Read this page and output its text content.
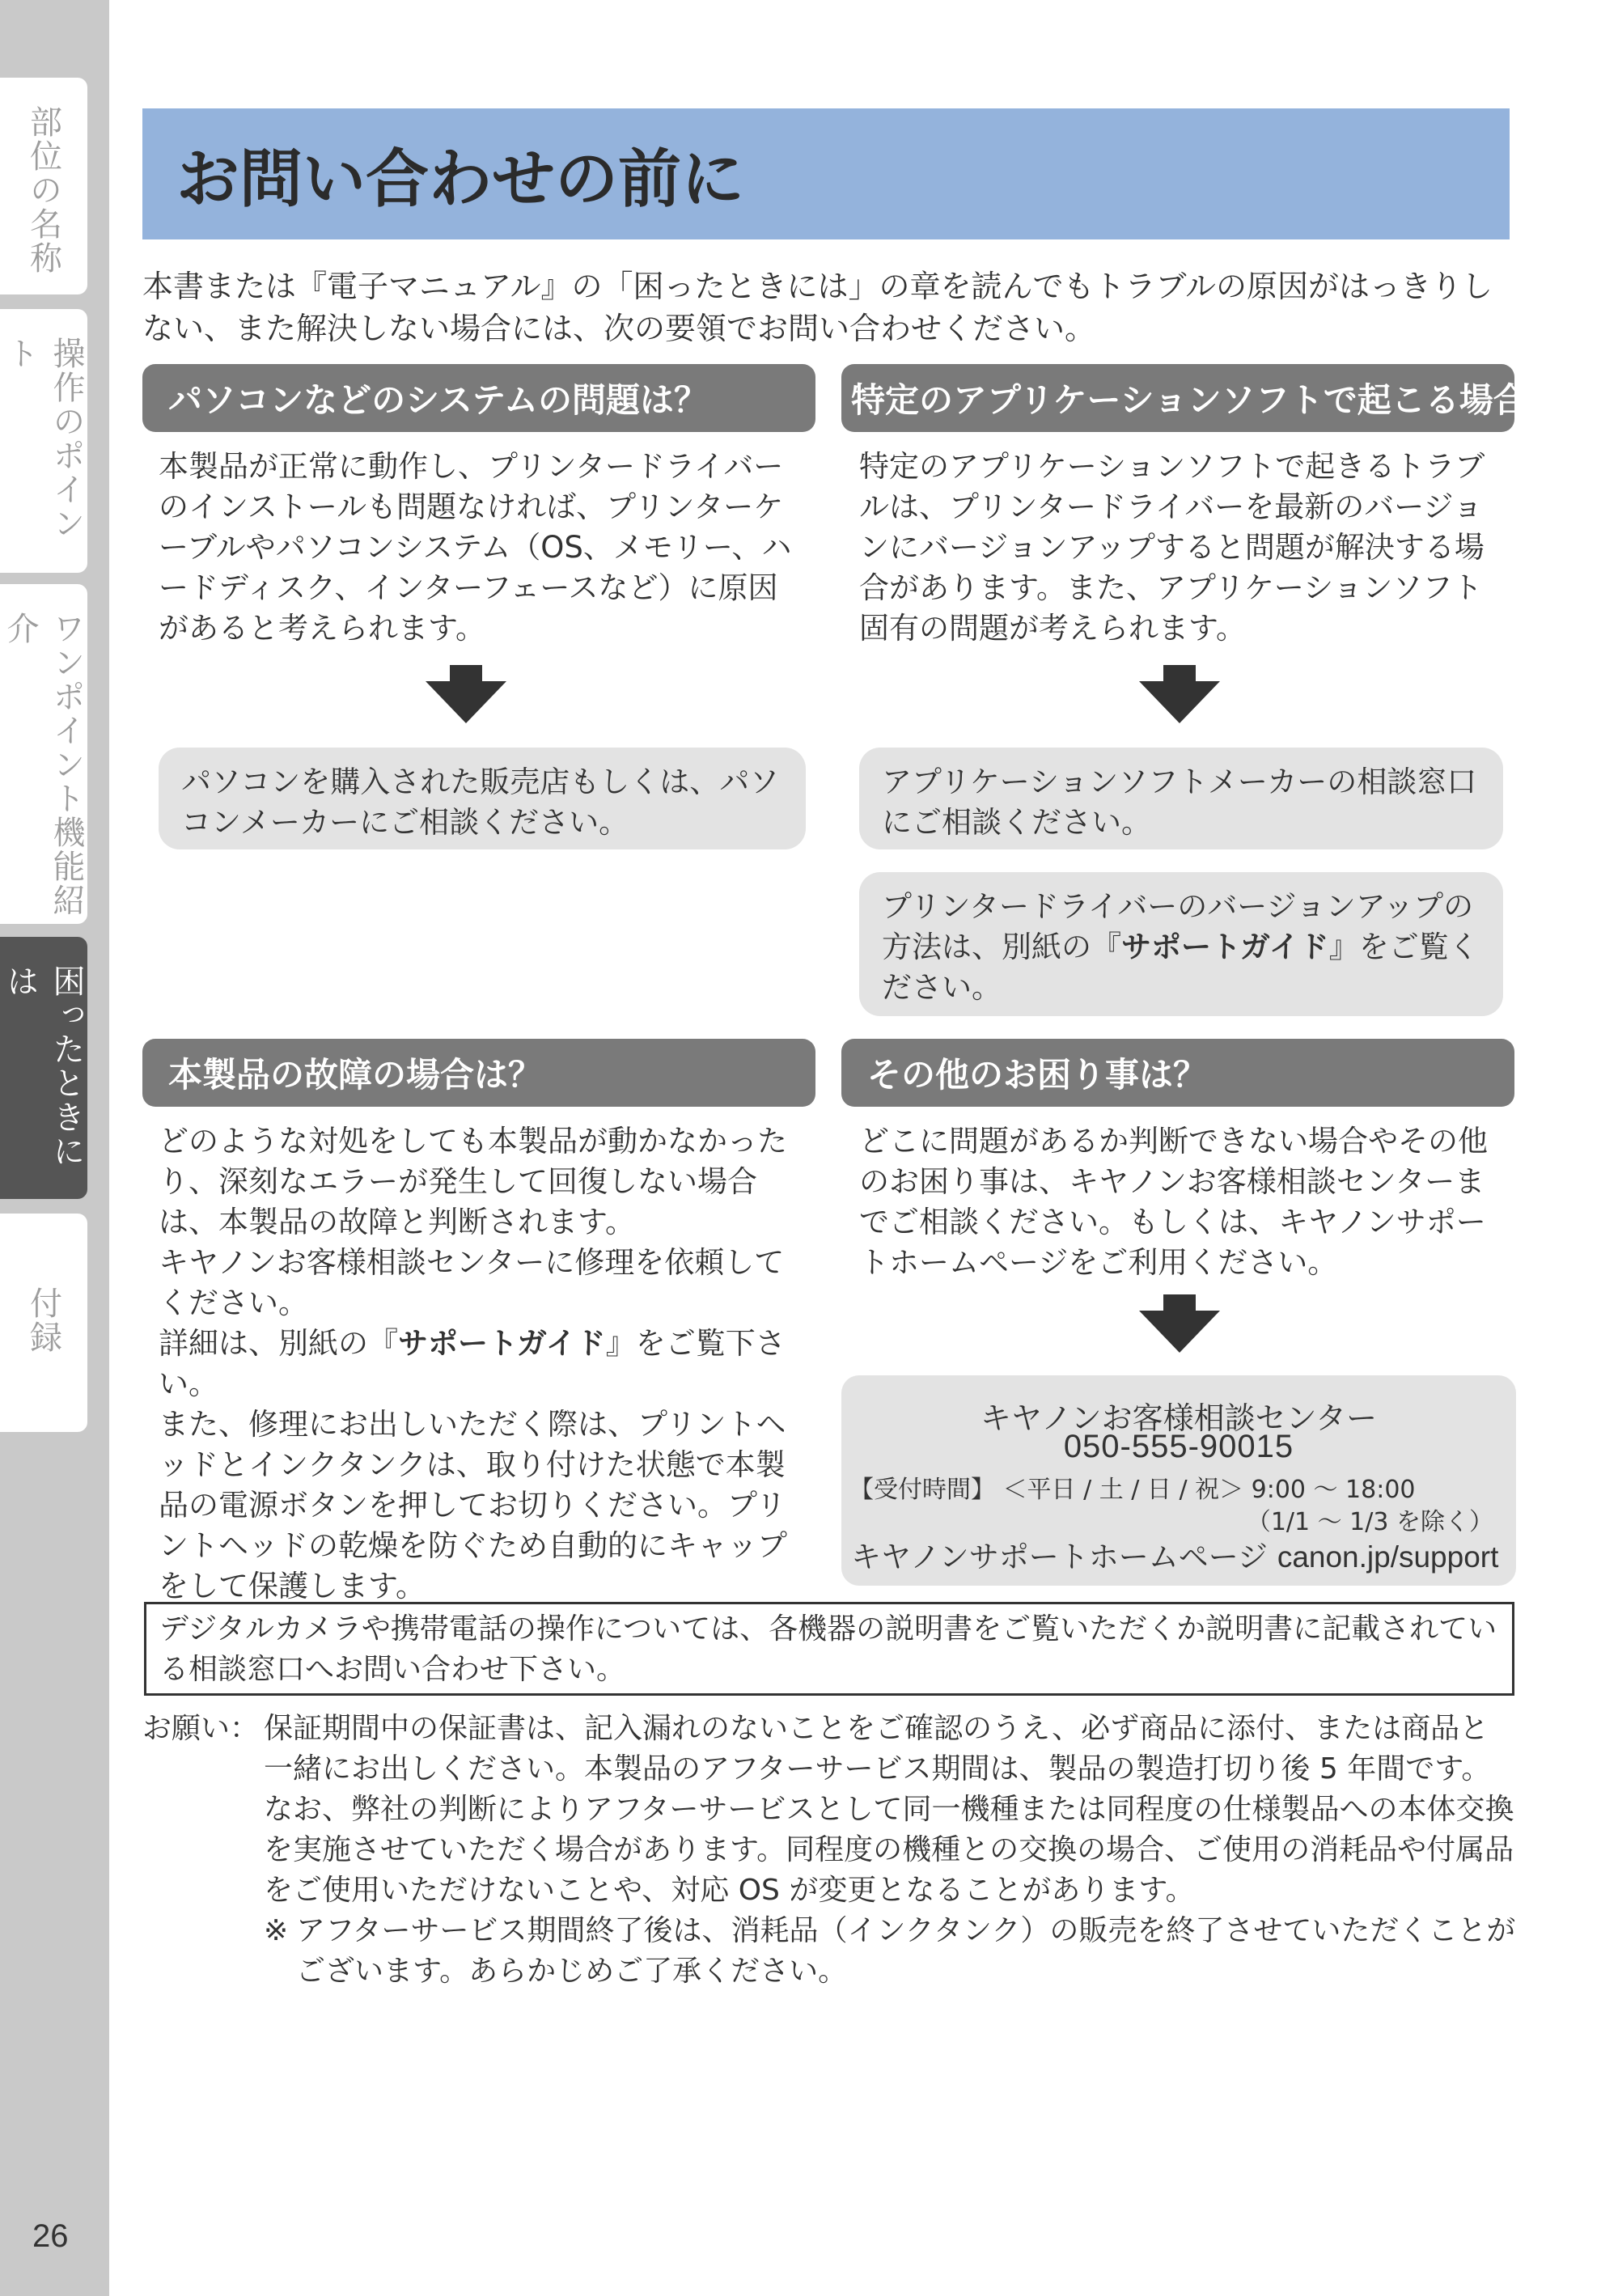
部位の名称
操作のポイント
ワンポイント機能紹介
困ったときには
付録
26
お問い合わせの前に
本書または『電子マニュアル』の「困ったときには」の章を読んでもトラブルの原因がはっきりしない、また解決しない場合には、次の要領でお問い合わせください。
パソコンなどのシステムの問題は？
本製品が正常に動作し、プリンタードライバーのインストールも問題なければ、プリンターケーブルやパソコンシステム（OS、メモリー、ハードディスク、インターフェースなど）に原因があると考えられます。
パソコンを購入された販売店もしくは、パソコンメーカーにご相談ください。
特定のアプリケーションソフトで起こる場合は？
特定のアプリケーションソフトで起きるトラブルは、プリンタードライバーを最新のバージョンにバージョンアップすると問題が解決する場合があります。また、アプリケーションソフト固有の問題が考えられます。
アプリケーションソフトメーカーの相談窓口にご相談ください。
プリンタードライバーのバージョンアップの方法は、別紙の『サポートガイド』をご覧ください。
本製品の故障の場合は？
どのような対処をしても本製品が動かなかったり、深刻なエラーが発生して回復しない場合は、本製品の故障と判断されます。
キヤノンお客様相談センターに修理を依頼してください。
詳細は、別紙の『サポートガイド』をご覧下さい。
また、修理にお出しいただく際は、プリントヘッドとインクタンクは、取り付けた状態で本製品の電源ボタンを押してお切りください。プリントヘッドの乾燥を防ぐため自動的にキャップをして保護します。
その他のお困り事は？
どこに問題があるか判断できない場合やその他のお困り事は、キヤノンお客様相談センターまでご相談ください。もしくは、キヤノンサポートホームページをご利用ください。
キヤノンお客様相談センター
050-555-90015
【受付時間】 ＜平日 / 土 / 日 / 祝＞ 9:00 ～ 18:00
（1/1 ～ 1/3 を除く）
キヤノンサポートホームページ canon.jp/support
デジタルカメラや携帯電話の操作については、各機器の説明書をご覧いただくか説明書に記載されている相談窓口へお問い合わせ下さい。
お願い： 保証期間中の保証書は、記入漏れのないことをご確認のうえ、必ず商品に添付、または商品と一緒にお出しください。本製品のアフターサービス期間は、製品の製造打切り後 5 年間です。なお、弊社の判断によりアフターサービスとして同一機種または同程度の仕様製品への本体交換を実施させていただく場合があります。同程度の機種との交換の場合、ご使用の消耗品や付属品をご使用いただけないことや、対応 OS が変更となることがあります。
※ アフターサービス期間終了後は、消耗品（インクタンク）の販売を終了させていただくことがございます。あらかじめご了承ください。
